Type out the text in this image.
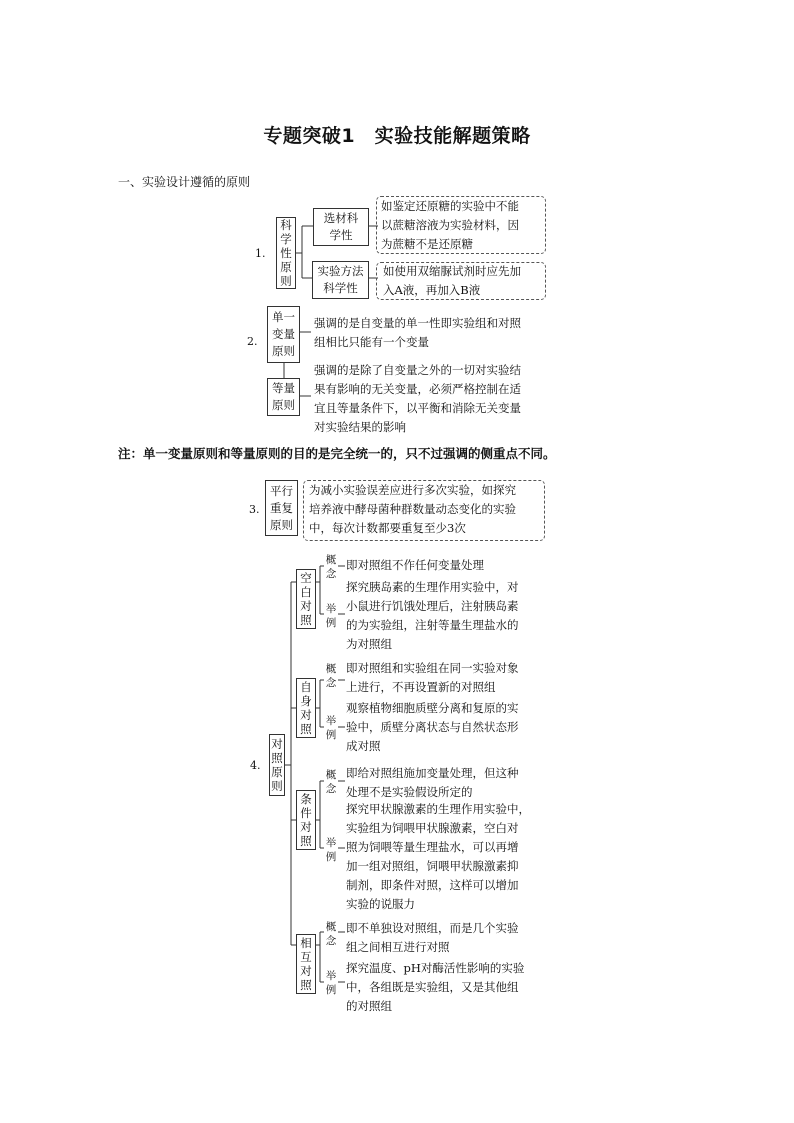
专题突破1　实验技能解题策略
一、实验设计遵循的原则
1.
科
学
性
原
则
选材科
学性
如鉴定还原糖的实验中不能
以蔗糖溶液为实验材料，因
为蔗糖不是还原糖
实验方法
科学性
如使用双缩脲试剂时应先加
入A液，再加入B液
2.
单一
变量
原则
强调的是自变量的单一性即实验组和对照
组相比只能有一个变量
等量
原则
强调的是除了自变量之外的一切对实验结
果有影响的无关变量，必须严格控制在适
宜且等量条件下，以平衡和消除无关变量
对实验结果的影响
注：单一变量原则和等量原则的目的是完全统一的，只不过强调的侧重点不同。
3.
平行
重复
原则
为减小实验误差应进行多次实验，如探究
培养液中酵母菌种群数量动态变化的实验
中，每次计数都要重复至少3次
4.
对
照
原
则
空
白
对
照
概
念
举
例
即对照组不作任何变量处理
探究胰岛素的生理作用实验中，对
小鼠进行饥饿处理后，注射胰岛素
的为实验组，注射等量生理盐水的
为对照组
自
身
对
照
概
念
举
例
即对照组和实验组在同一实验对象
上进行，不再设置新的对照组
观察植物细胞质壁分离和复原的实
验中，质壁分离状态与自然状态形
成对照
条
件
对
照
概
念
举
例
即给对照组施加变量处理，但这种
处理不是实验假设所定的
探究甲状腺激素的生理作用实验中，
实验组为饲喂甲状腺激素，空白对
照为饲喂等量生理盐水，可以再增
加一组对照组，饲喂甲状腺激素抑
制剂，即条件对照，这样可以增加
实验的说服力
相
互
对
照
概
念
举
例
即不单独设对照组，而是几个实验
组之间相互进行对照
探究温度、pH对酶活性影响的实验
中，各组既是实验组，又是其他组
的对照组
